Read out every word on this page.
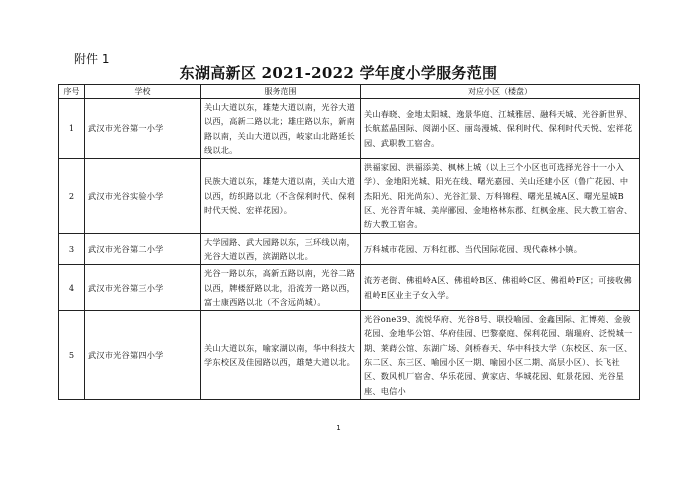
附件 1
东湖高新区 2021-2022 学年度小学服务范围
序号	学校	服务范围	对应小区（楼盘）
1	武汉市光谷第一小学	关山大道以东，雄楚大道以南，光谷大道以西，高新二路以北；雄庄路以东，新南路以南，关山大道以西，岐家山北路延长线以北。	关山春晓、金地太阳城、逸景华庭、江城雅居、融科天城、光谷新世界、长航蓝晶国际、阅湖小区、丽岛漫城、保利时代、保利时代天悦、宏祥花园、武职教工宿舍。
2	武汉市光谷实验小学	民族大道以东，雄楚大道以南，关山大道以西，纺织路以北（不含保利时代、保利时代天悦、宏祥花园）。	洪福家园、洪福添美、枫林上城（以上三个小区也可选择光谷十一小入学）、金地阳光城、阳光在线、曙光嘉园、关山还建小区（鲁广花园、中杰阳光、阳光尚东）、光谷汇景、万科锦程、曙光星城A区、曙光星城B区、光谷青年城、美岸郦园、金地格林东郡、红枫金座、民大教工宿舍、纺大教工宿舍。
3	武汉市光谷第二小学	大学园路、武大园路以东，三环线以南，光谷大道以西，滨湖路以北。	万科城市花园、万科红郡、当代国际花园、现代森林小镇。
4	武汉市光谷第三小学	光谷一路以东，高新五路以南，光谷二路以西，牌楼舒路以北，沿流芳一路以西，富士康西路以北（不含远尚城）。	流芳老街、佛祖岭A区、佛祖岭B区、佛祖岭C区、佛祖岭F区；可接收佛祖岭E区业主子女入学。
5	武汉市光谷第四小学	关山大道以东，喻家湖以南，华中科技大学东校区及佳园路以西，雄楚大道以北。	光谷one39、流悦华府、光谷8号、联投喻园、金鑫国际、汇博苑、金骏花园、金地华公馆、华府佳园、巴黎豪庭、保利花园、瑞瑞府、泛悦城一期、莱蒔公馆、东湖广场、剑桥春天、华中科技大学（东校区、东一区、东二区、东三区、喻园小区一期、喻园小区二期、高层小区）、长飞社区、数风机厂宿舍、华乐花园、黄家店、华城花园、虹景花园、光谷星座、电信小
1
